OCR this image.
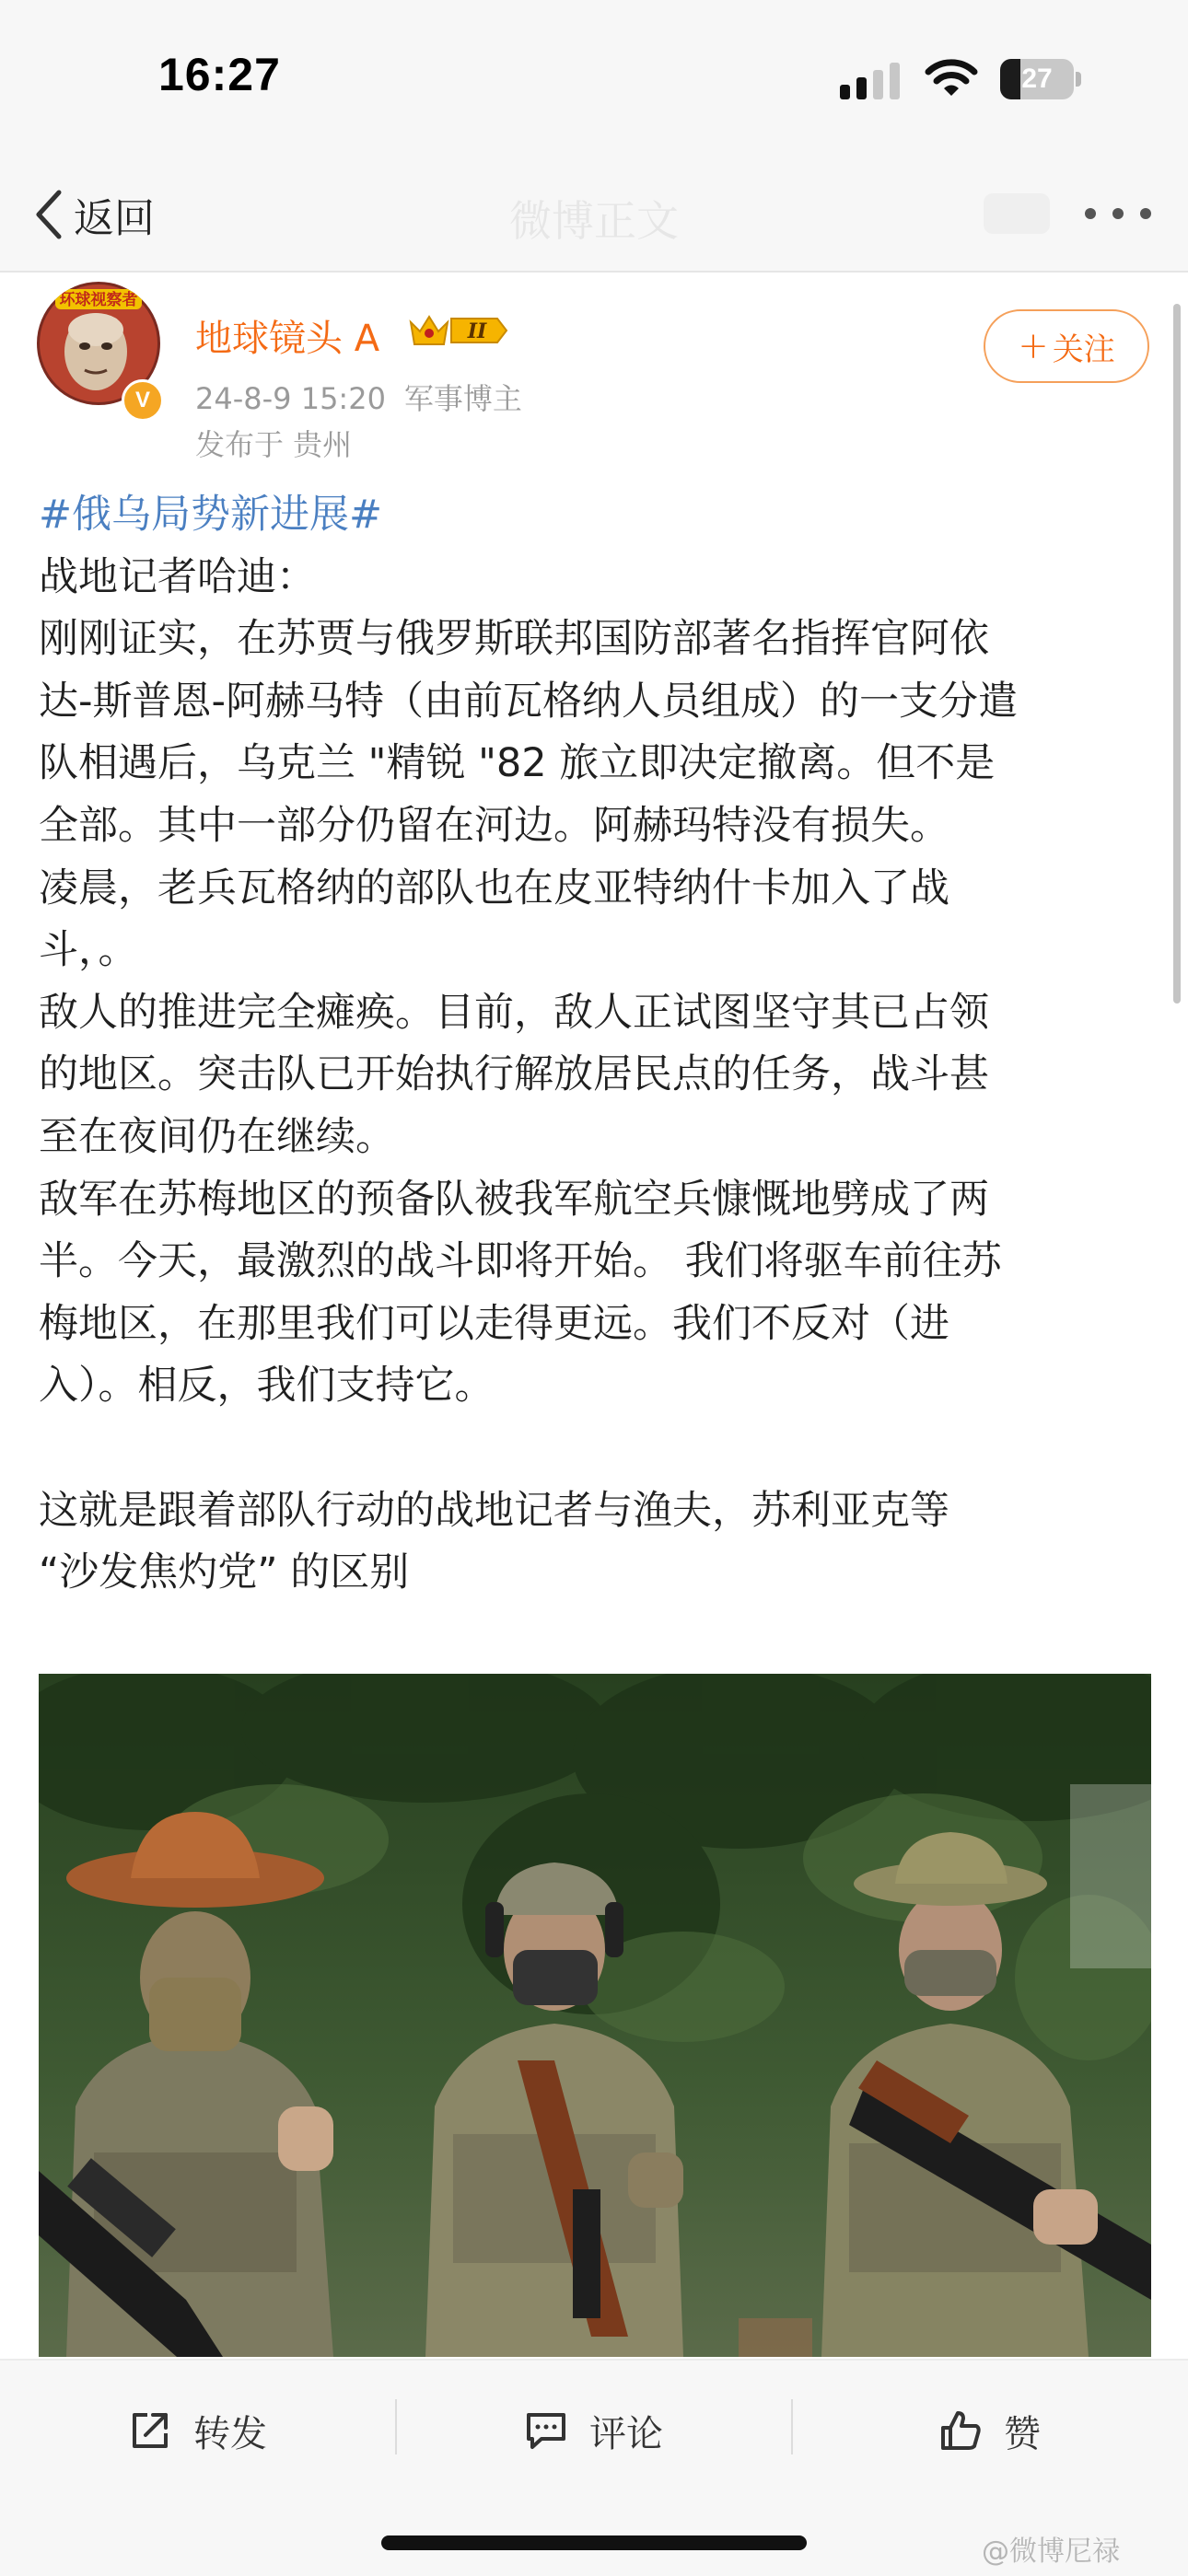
16:27	27
返回	微博正文
环球视察者
V
地球镜头 A	II
24-8-9 15:20 军事博主
发布于 贵州
+ 关注

#俄乌局势新进展#

战地记者哈迪：

刚刚证实，在苏贾与俄罗斯联邦国防部著名指挥官阿依

达-斯普恩-阿赫马特（由前瓦格纳人员组成）的一支分遣

队相遇后，乌克兰 "精锐 "82 旅立即决定撤离。但不是

全部。其中一部分仍留在河边。阿赫玛特没有损失。

凌晨，老兵瓦格纳的部队也在皮亚特纳什卡加入了战

斗，。

敌人的推进完全瘫痪。目前，敌人正试图坚守其已占领

的地区。突击队已开始执行解放居民点的任务，战斗甚

至在夜间仍在继续。

敌军在苏梅地区的预备队被我军航空兵慷慨地劈成了两

半。今天，最激烈的战斗即将开始。 我们将驱车前往苏

梅地区，在那里我们可以走得更远。我们不反对（进

入）。相反，我们支持它。

这就是跟着部队行动的战地记者与渔夫，苏利亚克等

“沙发焦灼党” 的区别

转发	评论	赞
@微博尼禄
